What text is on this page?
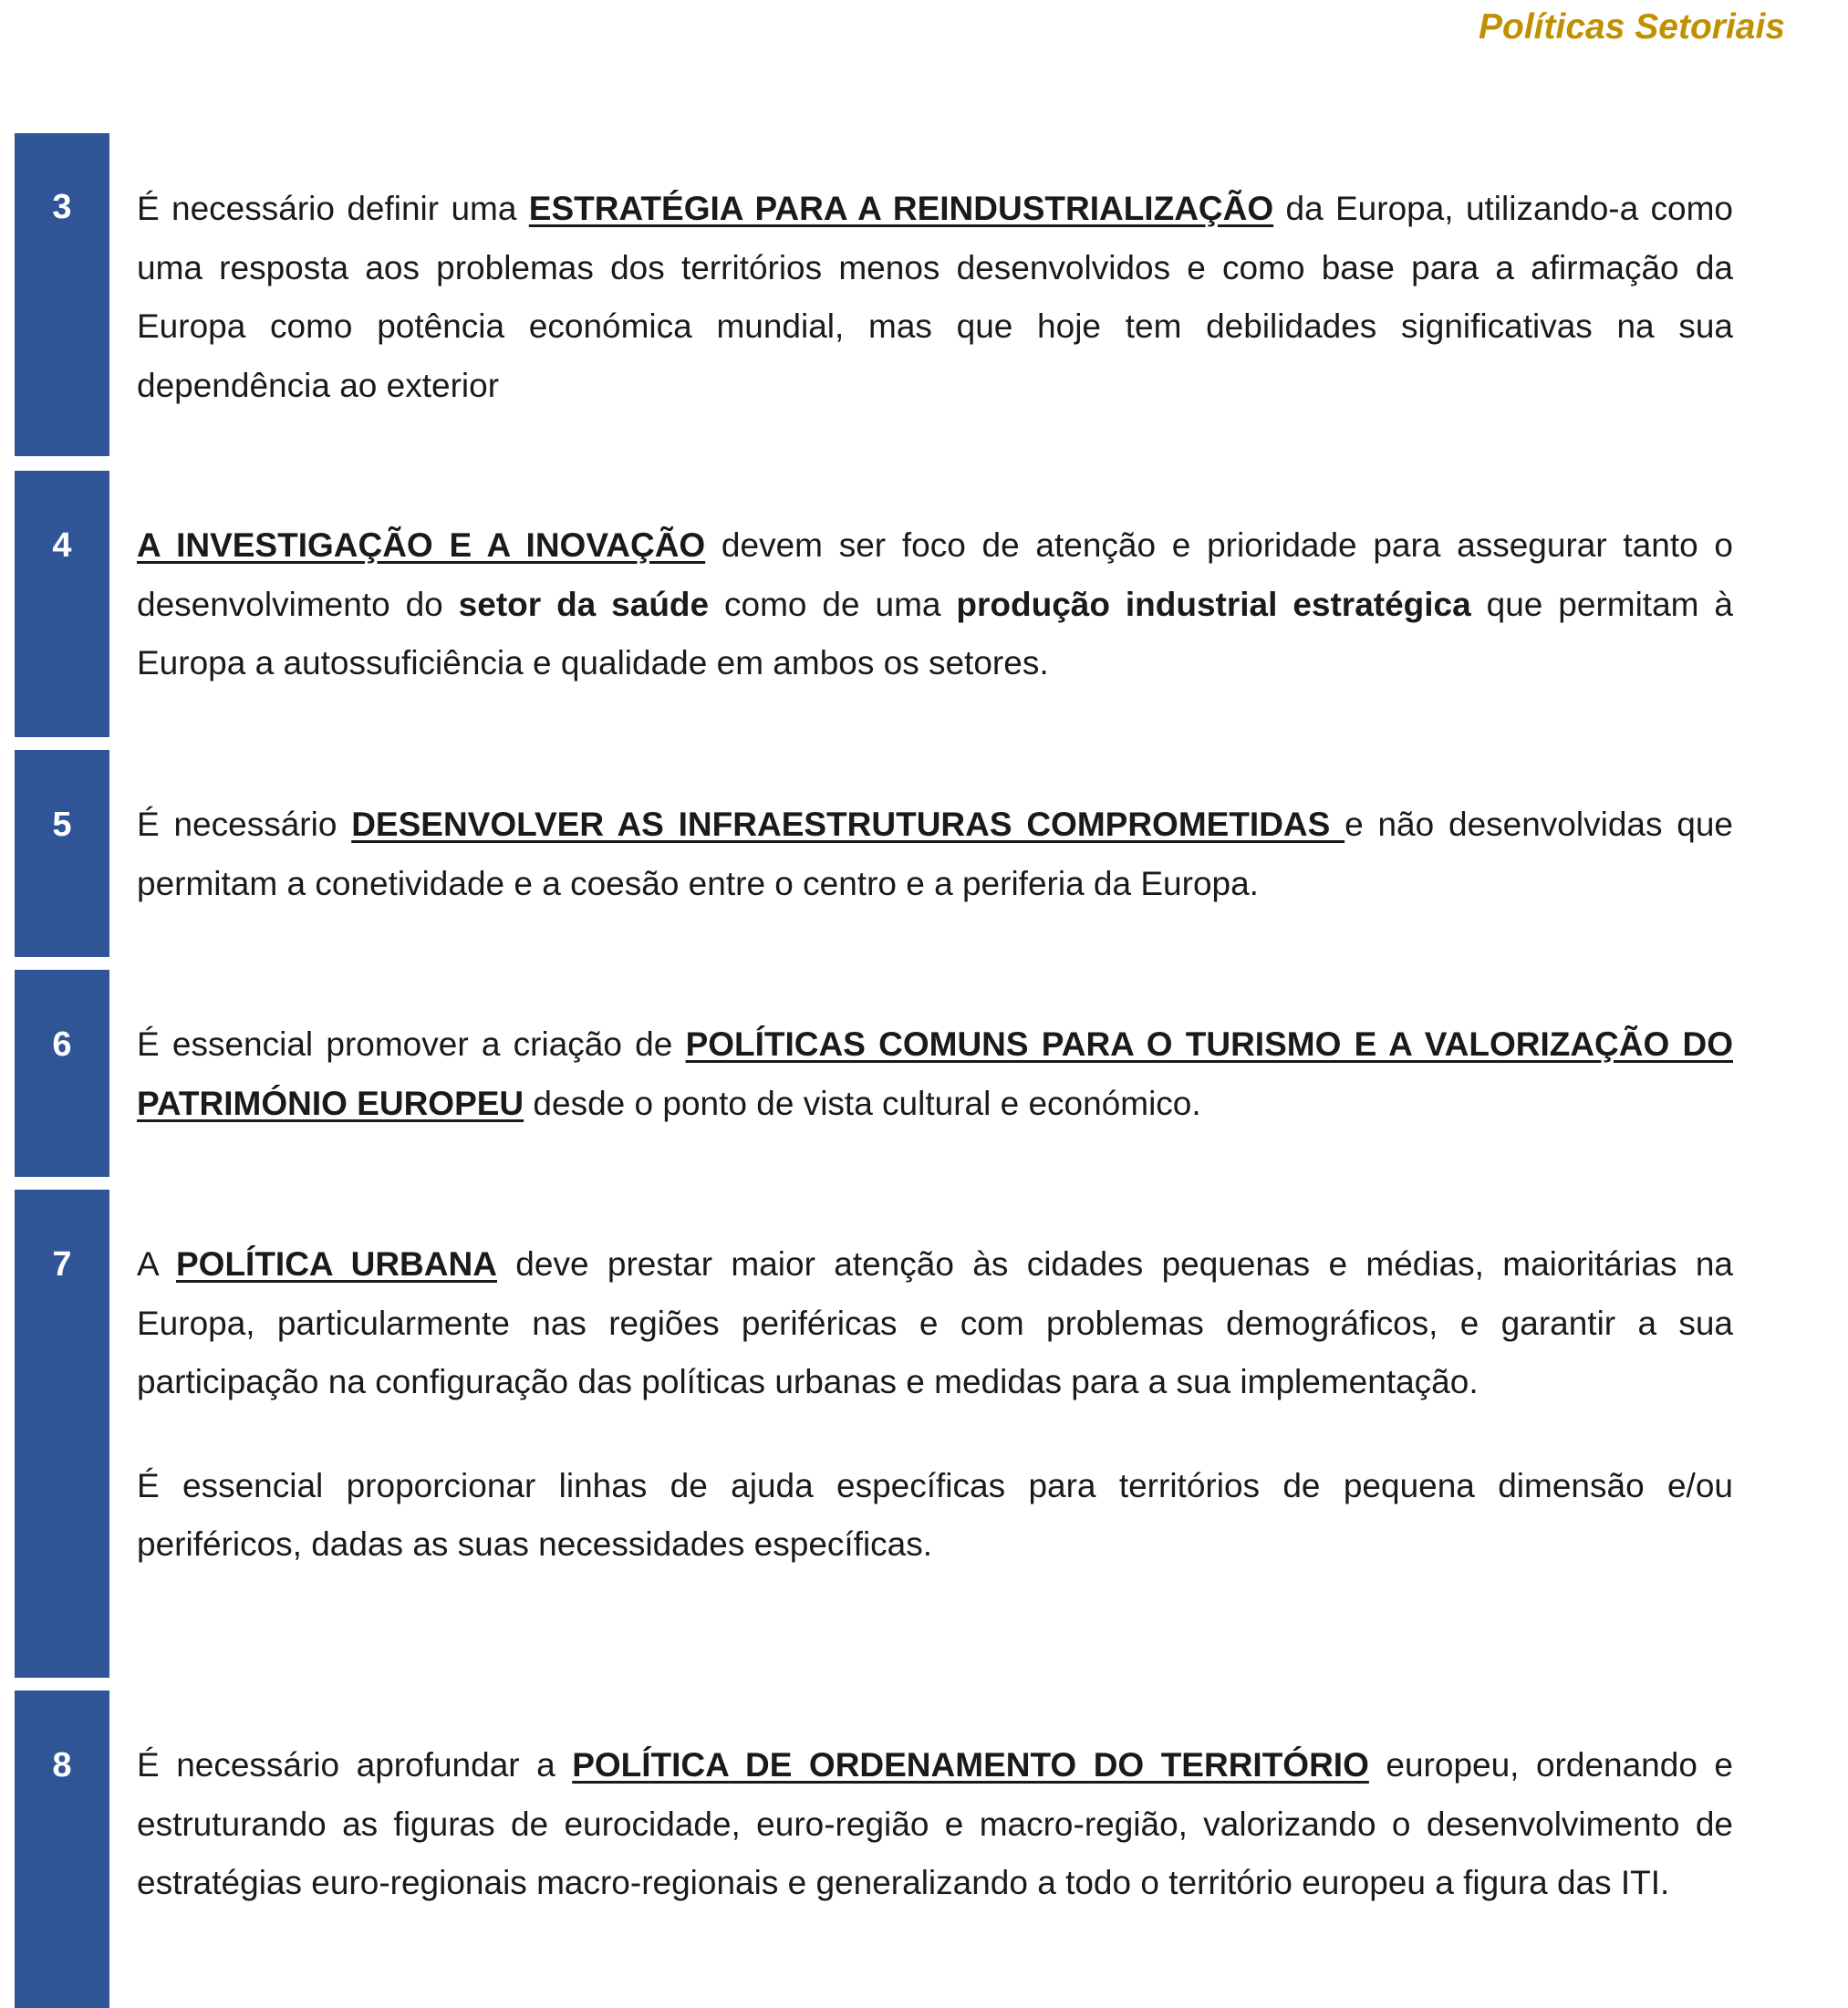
Políticas Setoriais
3	É necessário definir uma ESTRATÉGIA PARA A REINDUSTRIALIZAÇÃO da Europa, utilizando-a como uma resposta aos problemas dos territórios menos desenvolvidos e como base para a afirmação da Europa como potência económica mundial, mas que hoje tem debilidades significativas na sua dependência ao exterior

4	A INVESTIGAÇÃO E A INOVAÇÃO devem ser foco de atenção e prioridade para assegurar tanto o desenvolvimento do setor da saúde como de uma produção industrial estratégica que permitam à Europa a autossuficiência e qualidade em ambos os setores.

5	É necessário DESENVOLVER AS INFRAESTRUTURAS COMPROMETIDAS e não desenvolvidas que permitam a conetividade e a coesão entre o centro e a periferia da Europa.

6	É essencial promover a criação de POLÍTICAS COMUNS PARA O TURISMO E A VALORIZAÇÃO DO PATRIMÓNIO EUROPEU desde o ponto de vista cultural e económico.

7	A POLÍTICA URBANA deve prestar maior atenção às cidades pequenas e médias, maioritárias na Europa, particularmente nas regiões periféricas e com problemas demográficos, e garantir a sua participação na configuração das políticas urbanas e medidas para a sua implementação.

É essencial proporcionar linhas de ajuda específicas para territórios de pequena dimensão e/ou periféricos, dadas as suas necessidades específicas.

8	É necessário aprofundar a POLÍTICA DE ORDENAMENTO DO TERRITÓRIO europeu, ordenando e estruturando as figuras de eurocidade, euro-região e macro-região, valorizando o desenvolvimento de estratégias euro-regionais macro-regionais e generalizando a todo o território europeu a figura das ITI.
